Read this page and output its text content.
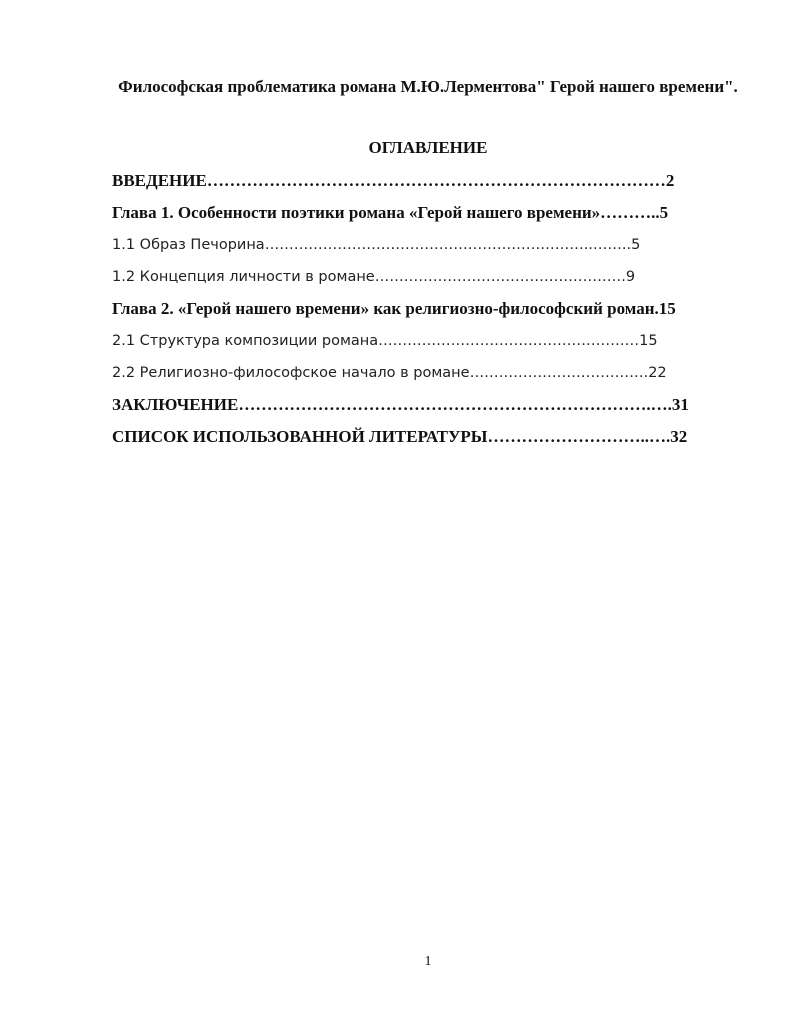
Философская проблематика романа М.Ю.Лерментова" Герой нашего времени".

ОГЛАВЛЕНИЕ

ВВЕДЕНИЕ………………………………………………………………………2
Глава 1. Особенности поэтики романа «Герой нашего времени»………..5
1.1 Образ Печорина…………………………………………………………..……..5
1.2 Концепция личности в романе…………………………………………….9
Глава 2. «Герой нашего времени» как религиозно-философский роман.15
2.1 Структура композиции романа………………………………………………15
2.2 Религиозно-философское начало в романе……………………………….22
ЗАКЛЮЧЕНИЕ……………………………………………………………….….31
СПИСОК ИСПОЛЬЗОВАННОЙ ЛИТЕРАТУРЫ………………………..….32
1
